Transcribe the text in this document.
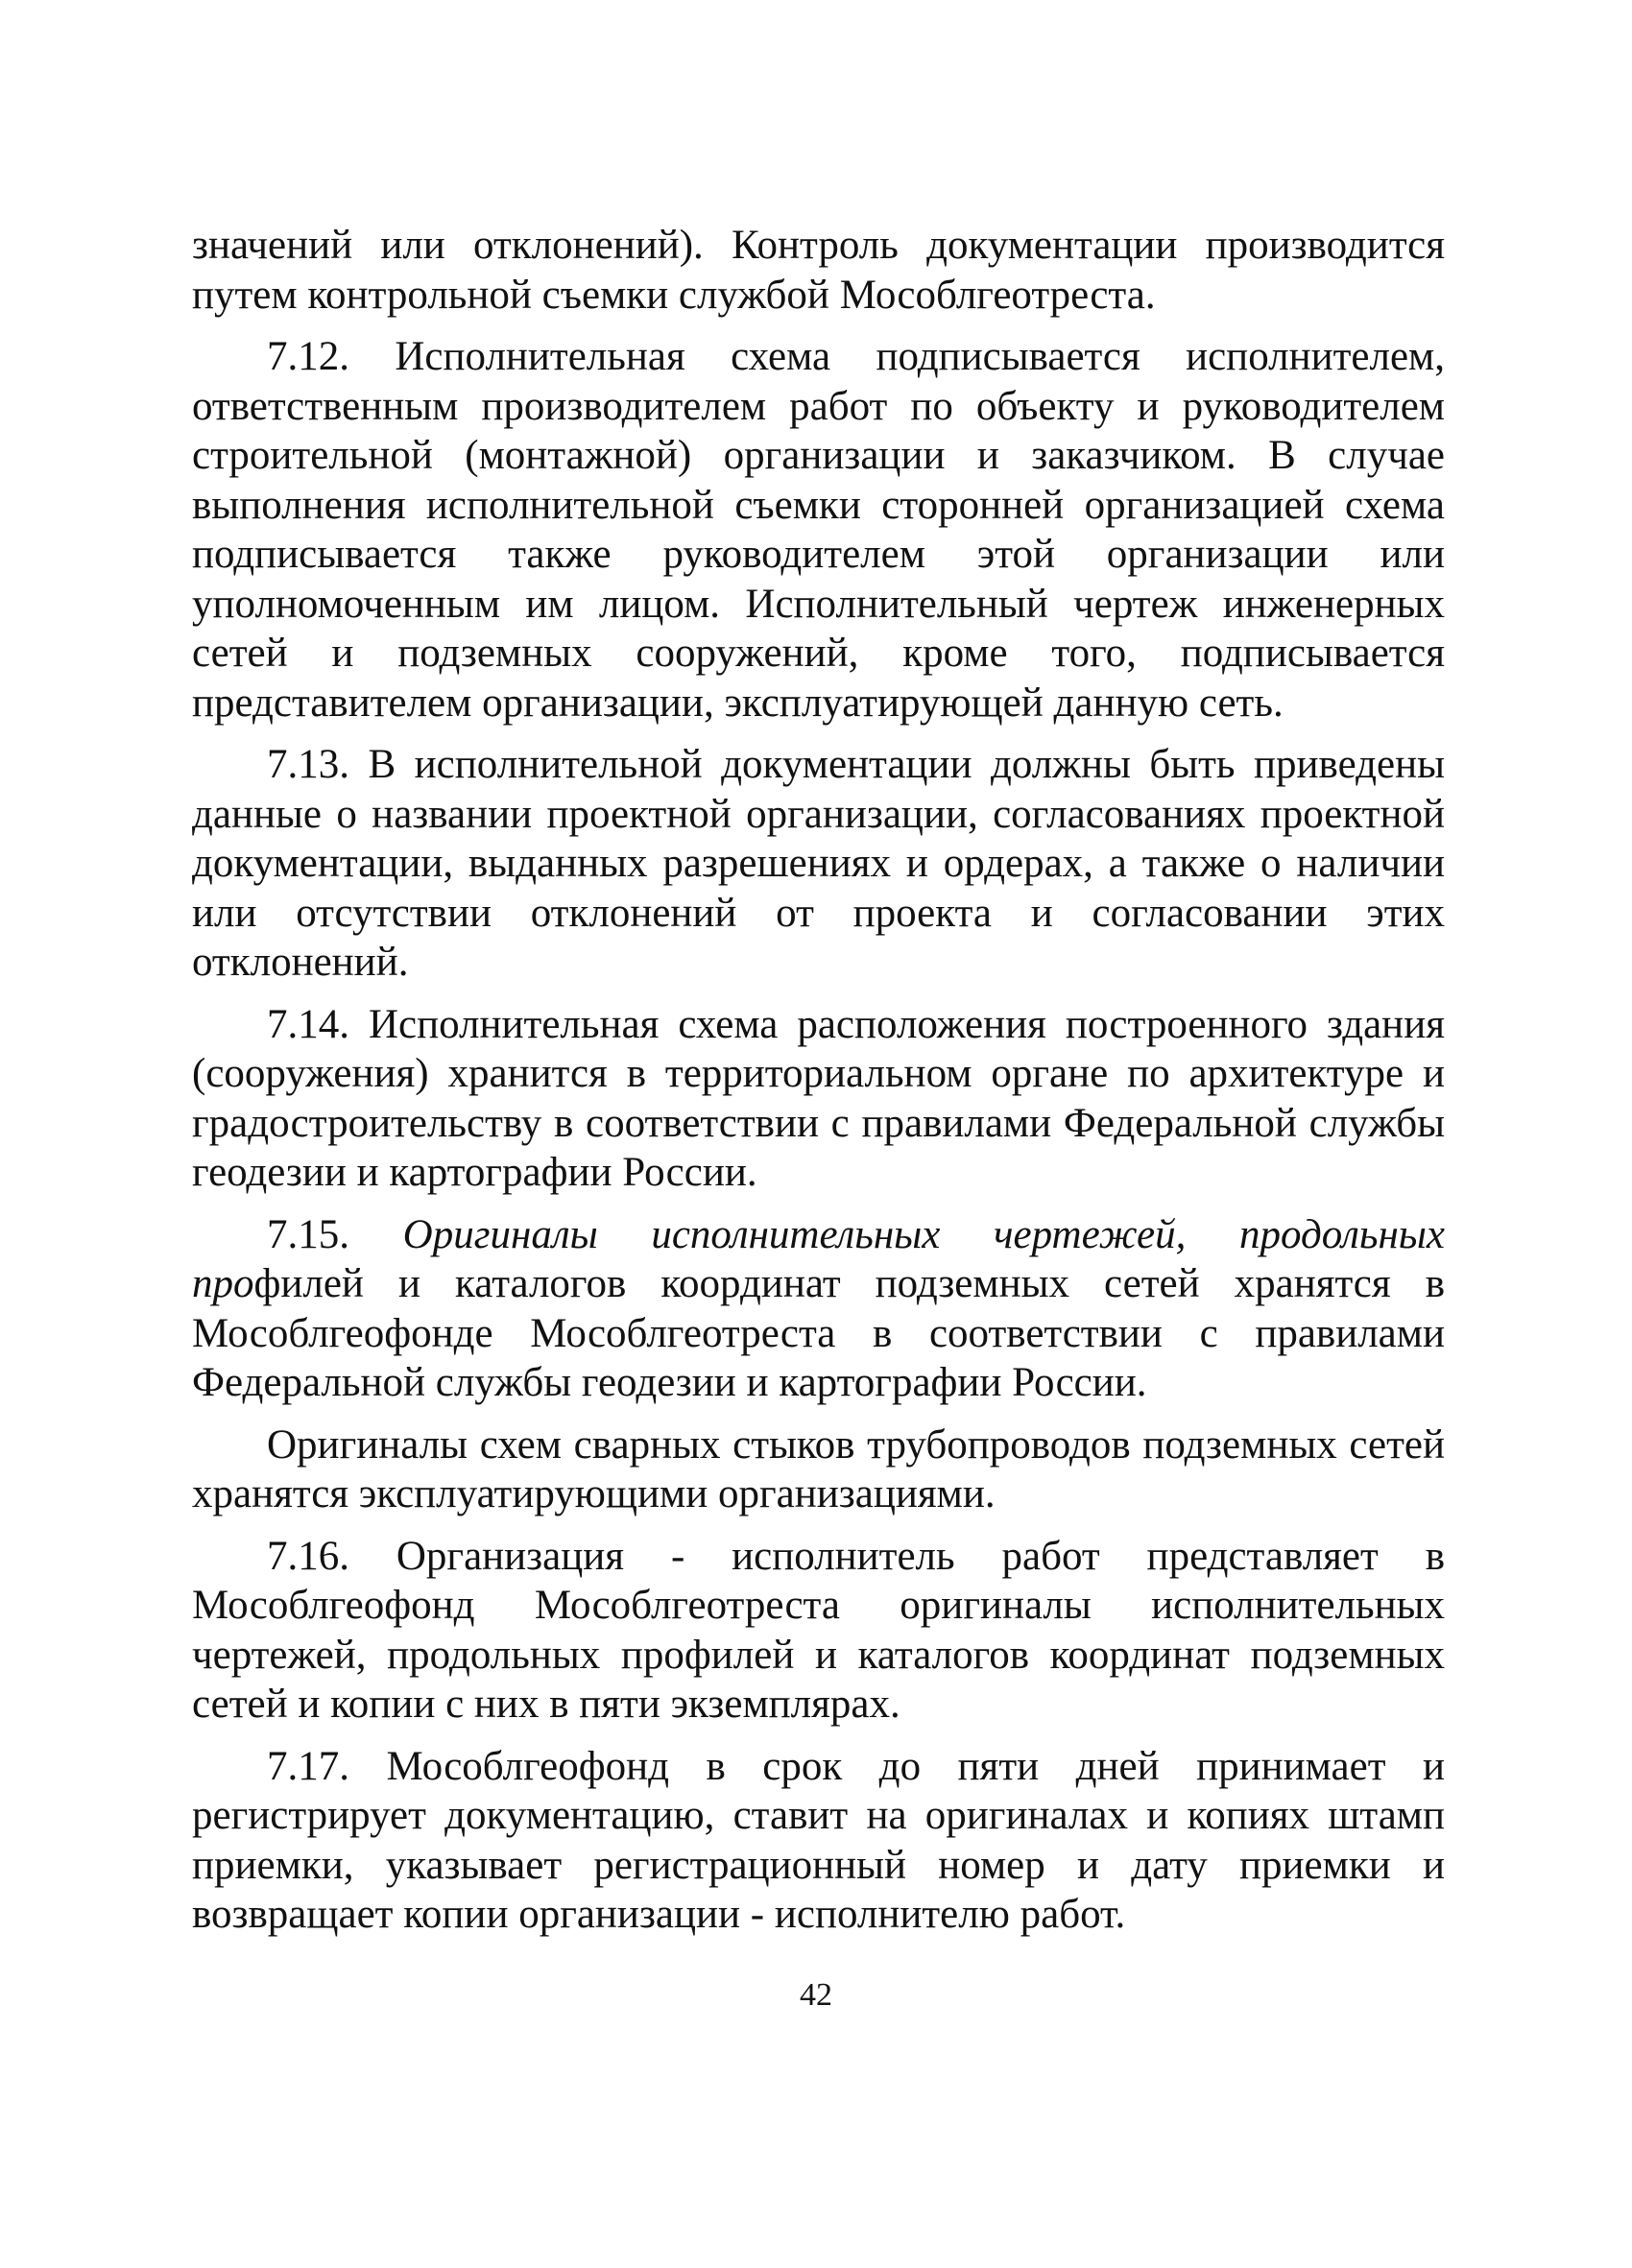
значений или отклонений). Контроль документации производится путем контрольной съемки службой Мособлгеотреста.

7.12. Исполнительная схема подписывается исполнителем, ответственным производителем работ по объекту и руководителем строительной (монтажной) организации и заказчиком. В случае выполнения исполнительной съемки сторонней организацией схема подписывается также руководителем этой организации или уполномоченным им лицом. Исполнительный чертеж инженерных сетей и подземных сооружений, кроме того, подписывается представителем организации, эксплуатирующей данную сеть.

7.13. В исполнительной документации должны быть приведены данные о названии проектной организации, согласованиях проектной документации, выданных разрешениях и ордерах, а также о наличии или отсутствии отклонений от проекта и согласовании этих отклонений.

7.14. Исполнительная схема расположения построенного здания (сооружения) хранится в территориальном органе по архитектуре и градостроительству в соответствии с правилами Федеральной службы геодезии и картографии России.

7.15. Оригиналы исполнительных чертежей, продольных профилей и каталогов координат подземных сетей хранятся в Мособлгеофонде Мособлгеотреста в соответствии с правилами Федеральной службы геодезии и картографии России.

Оригиналы схем сварных стыков трубопроводов подземных сетей хранятся эксплуатирующими организациями.

7.16. Организация - исполнитель работ представляет в Мособлгеофонд Мособлгеотреста оригиналы исполнительных чертежей, продольных профилей и каталогов координат подземных сетей и копии с них в пяти экземплярах.

7.17. Мособлгеофонд в срок до пяти дней принимает и регистрирует документацию, ставит на оригиналах и копиях штамп приемки, указывает регистрационный номер и дату приемки и возвращает копии организации - исполнителю работ.

42
